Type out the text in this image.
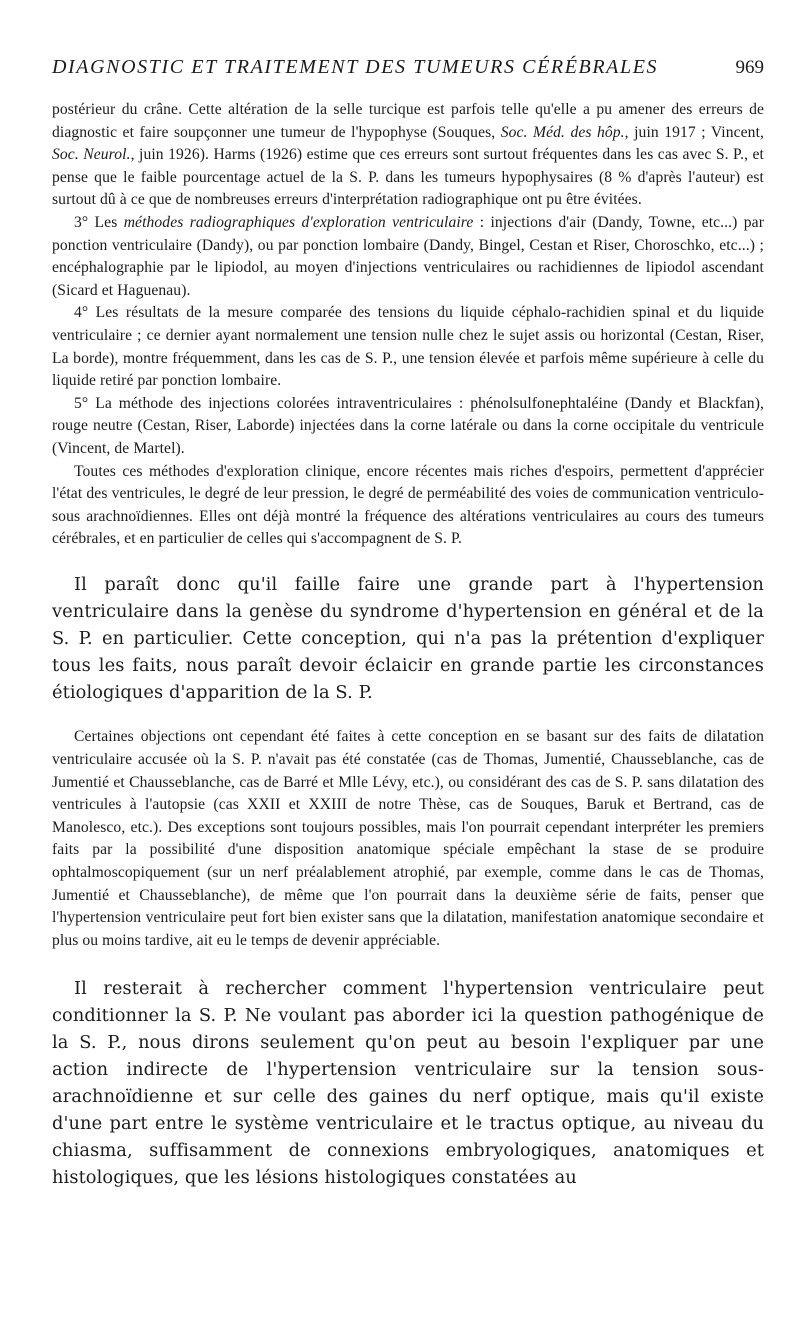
DIAGNOSTIC ET TRAITEMENT DES TUMEURS CÉRÉBRALES	969

postérieur du crâne. Cette altération de la selle turcique est parfois telle qu'elle a pu amener des erreurs de diagnostic et faire soupçonner une tumeur de l'hypophyse (Souques, Soc. Méd. des hôp., juin 1917 ; Vincent, Soc. Neurol., juin 1926). Harms (1926) estime que ces erreurs sont surtout fréquentes dans les cas avec S. P., et pense que le faible pourcentage actuel de la S. P. dans les tumeurs hypophysaires (8 % d'après l'auteur) est surtout dû à ce que de nombreuses erreurs d'interprétation radiographique ont pu être évitées.

3° Les méthodes radiographiques d'exploration ventriculaire : injections d'air (Dandy, Towne, etc...) par ponction ventriculaire (Dandy), ou par ponction lombaire (Dandy, Bingel, Cestan et Riser, Choroschko, etc...) ; encéphalographie par le lipiodol, au moyen d'injections ventriculaires ou rachidiennes de lipiodol ascendant (Sicard et Haguenau).

4° Les résultats de la mesure comparée des tensions du liquide céphalo-rachidien spinal et du liquide ventriculaire ; ce dernier ayant normalement une tension nulle chez le sujet assis ou horizontal (Cestan, Riser, La borde), montre fréquemment, dans les cas de S. P., une tension élevée et parfois même supérieure à celle du liquide retiré par ponction lombaire.

5° La méthode des injections colorées intraventriculaires : phénolsulfonephtaléine (Dandy et Blackfan), rouge neutre (Cestan, Riser, Laborde) injectées dans la corne latérale ou dans la corne occipitale du ventricule (Vincent, de Martel).

Toutes ces méthodes d'exploration clinique, encore récentes mais riches d'espoirs, permettent d'apprécier l'état des ventricules, le degré de leur pression, le degré de perméabilité des voies de communication ventriculo-sous arachnoïdiennes. Elles ont déjà montré la fréquence des altérations ventriculaires au cours des tumeurs cérébrales, et en particulier de celles qui s'accompagnent de S. P.

Il paraît donc qu'il faille faire une grande part à l'hypertension ventriculaire dans la genèse du syndrome d'hypertension en général et de la S. P. en particulier. Cette conception, qui n'a pas la prétention d'expliquer tous les faits, nous paraît devoir éclaicir en grande partie les circonstances étiologiques d'apparition de la S. P.

Certaines objections ont cependant été faites à cette conception en se basant sur des faits de dilatation ventriculaire accusée où la S. P. n'avait pas été constatée (cas de Thomas, Jumentié, Chausseblanche, cas de Jumentié et Chausseblanche, cas de Barré et Mlle Lévy, etc.), ou considérant des cas de S. P. sans dilatation des ventricules à l'autopsie (cas XXII et XXIII de notre Thèse, cas de Souques, Baruk et Bertrand, cas de Manolesco, etc.). Des exceptions sont toujours possibles, mais l'on pourrait cependant interpréter les premiers faits par la possibilité d'une disposition anatomique spéciale empêchant la stase de se produire ophtalmoscopiquement (sur un nerf préalablement atrophié, par exemple, comme dans le cas de Thomas, Jumentié et Chausseblanche), de même que l'on pourrait dans la deuxième série de faits, penser que l'hypertension ventriculaire peut fort bien exister sans que la dilatation, manifestation anatomique secondaire et plus ou moins tardive, ait eu le temps de devenir appréciable.

Il resterait à rechercher comment l'hypertension ventriculaire peut conditionner la S. P. Ne voulant pas aborder ici la question pathogénique de la S. P., nous dirons seulement qu'on peut au besoin l'expliquer par une action indirecte de l'hypertension ventriculaire sur la tension sous-arachnoïdienne et sur celle des gaines du nerf optique, mais qu'il existe d'une part entre le système ventriculaire et le tractus optique, au niveau du chiasma, suffisamment de connexions embryologiques, anatomiques et histologiques, que les lésions histologiques constatées au
